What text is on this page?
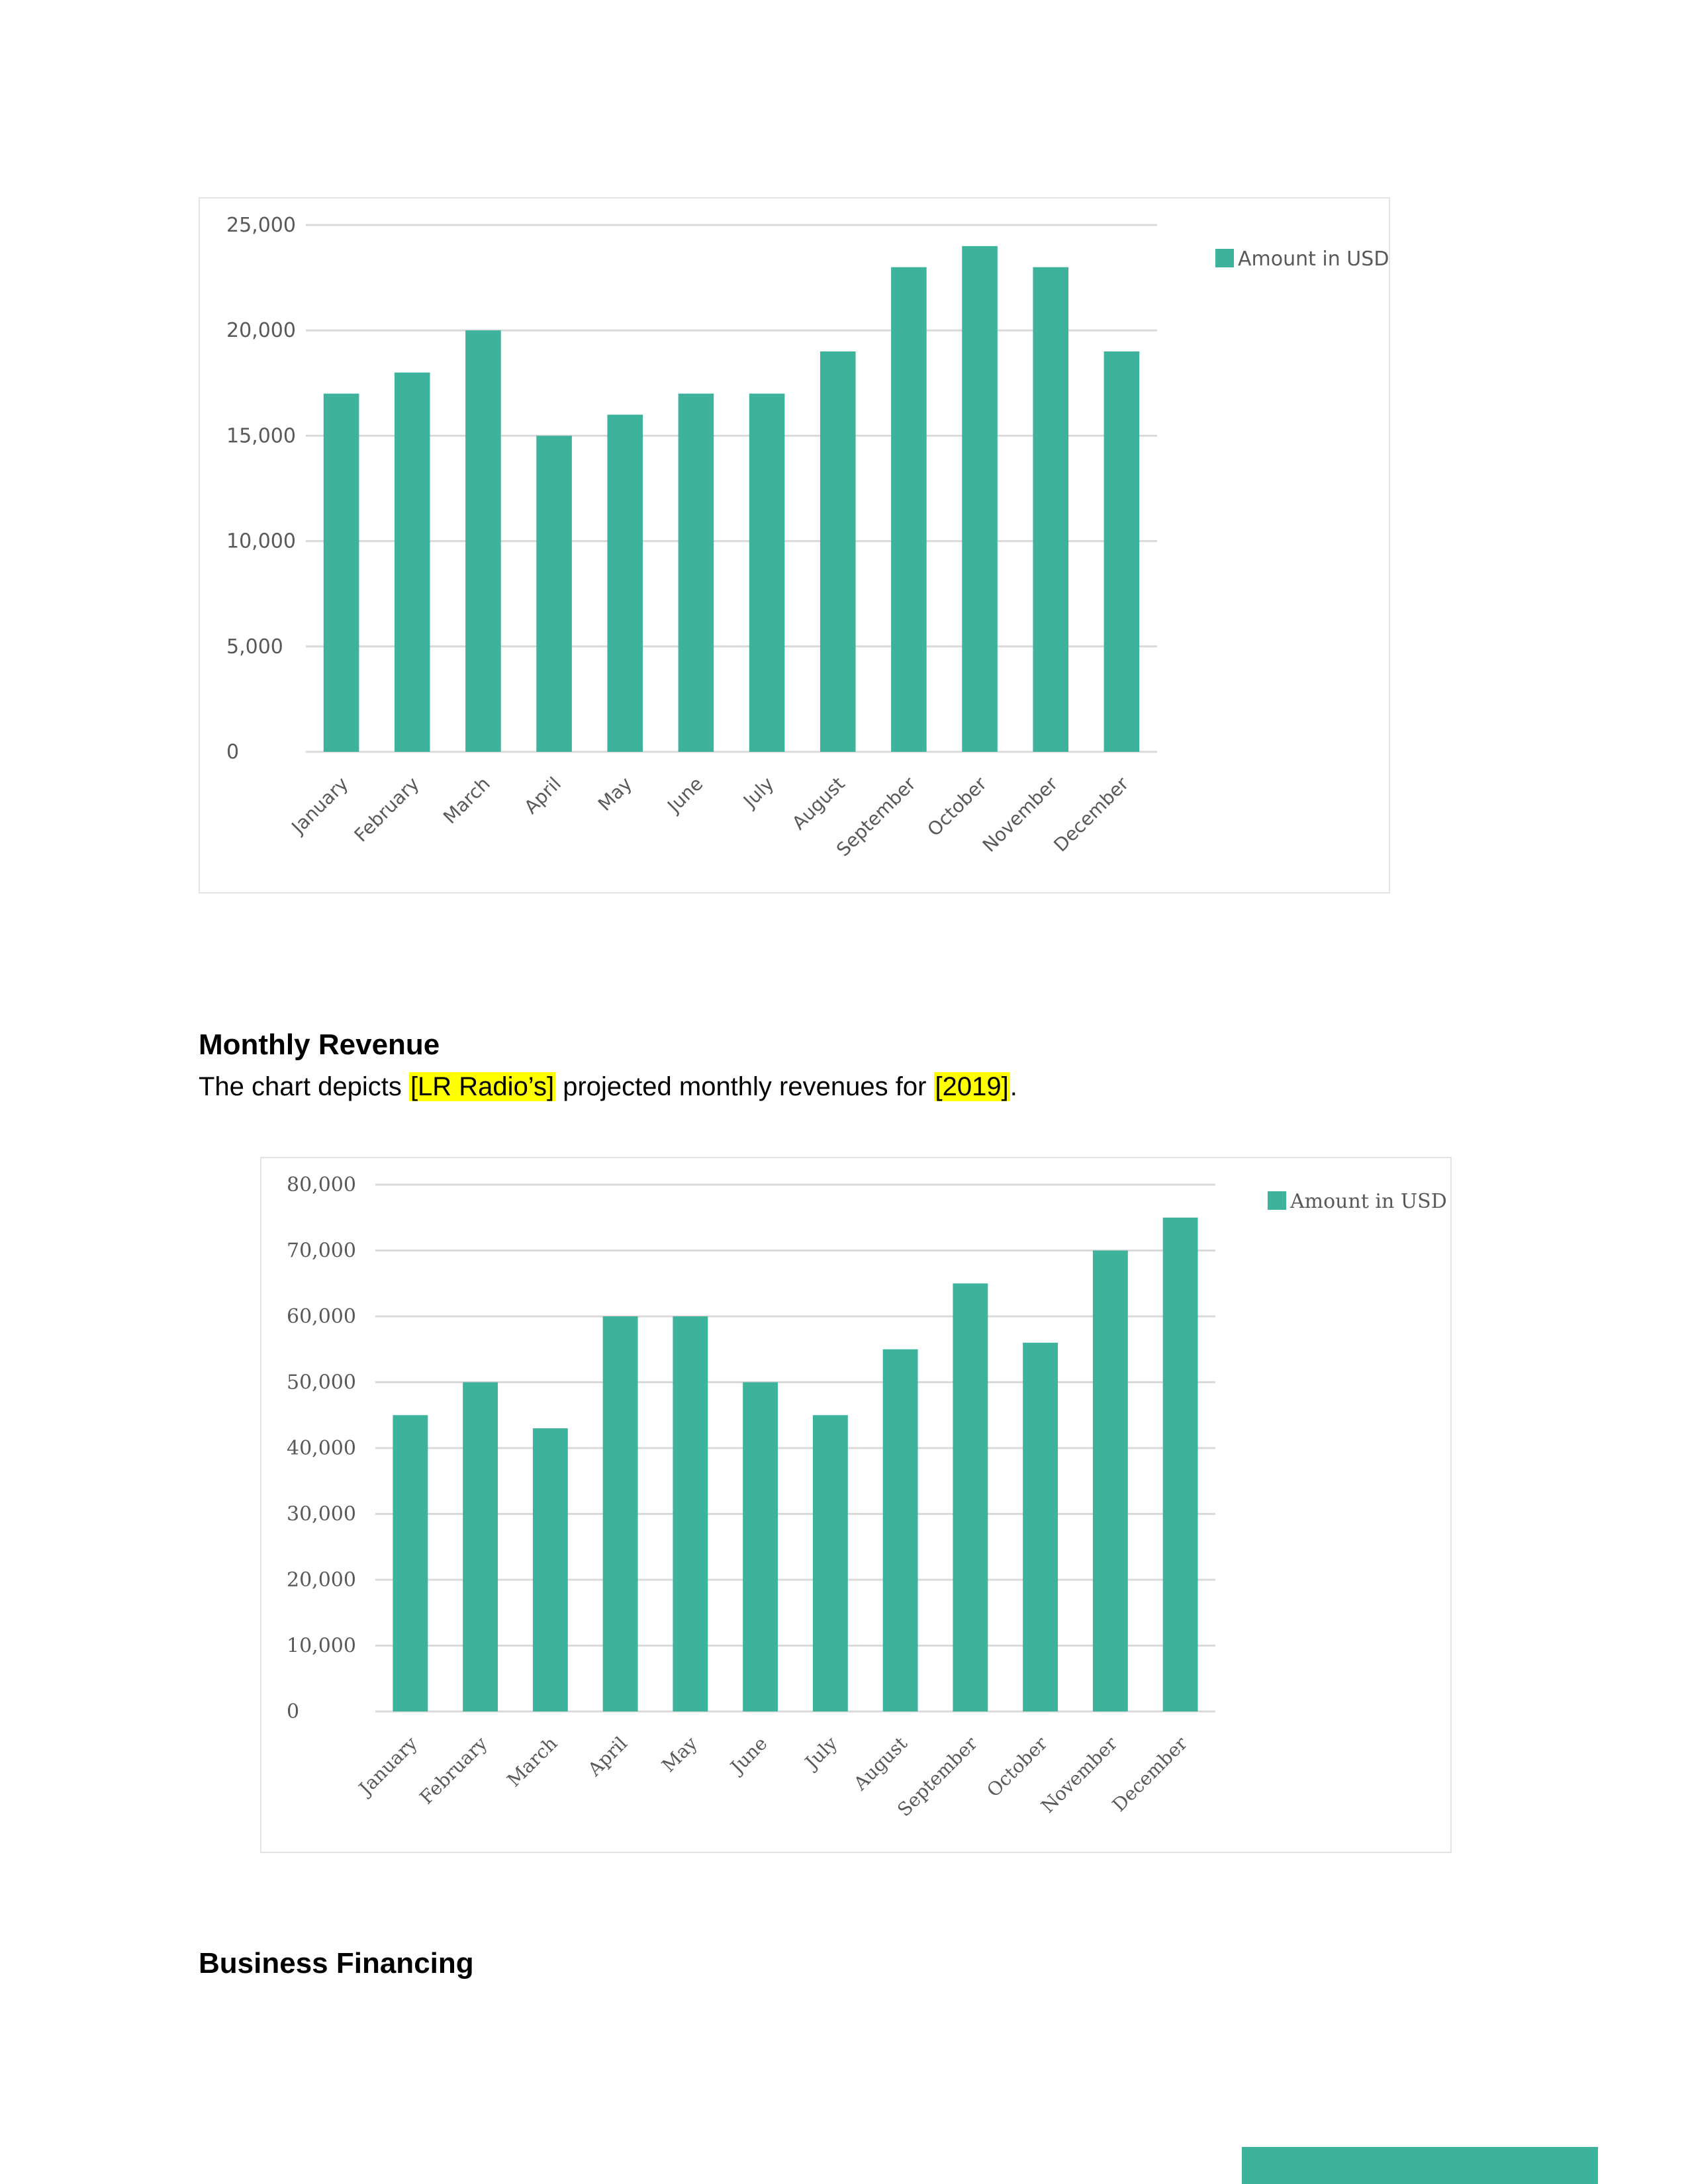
0
5,000
10,000
15,000
20,000
25,000
January
February March April May June July August
September October
November
December
Amount in USD
Monthly Revenue

The chart depicts [LR Radio’s] projected monthly revenues for [2019].

0
10,000
20,000
30,000
40,000
50,000
60,000
70,000
80,000
January
February March April May June July August
September October
November
December
Amount in USD
Business Financing
